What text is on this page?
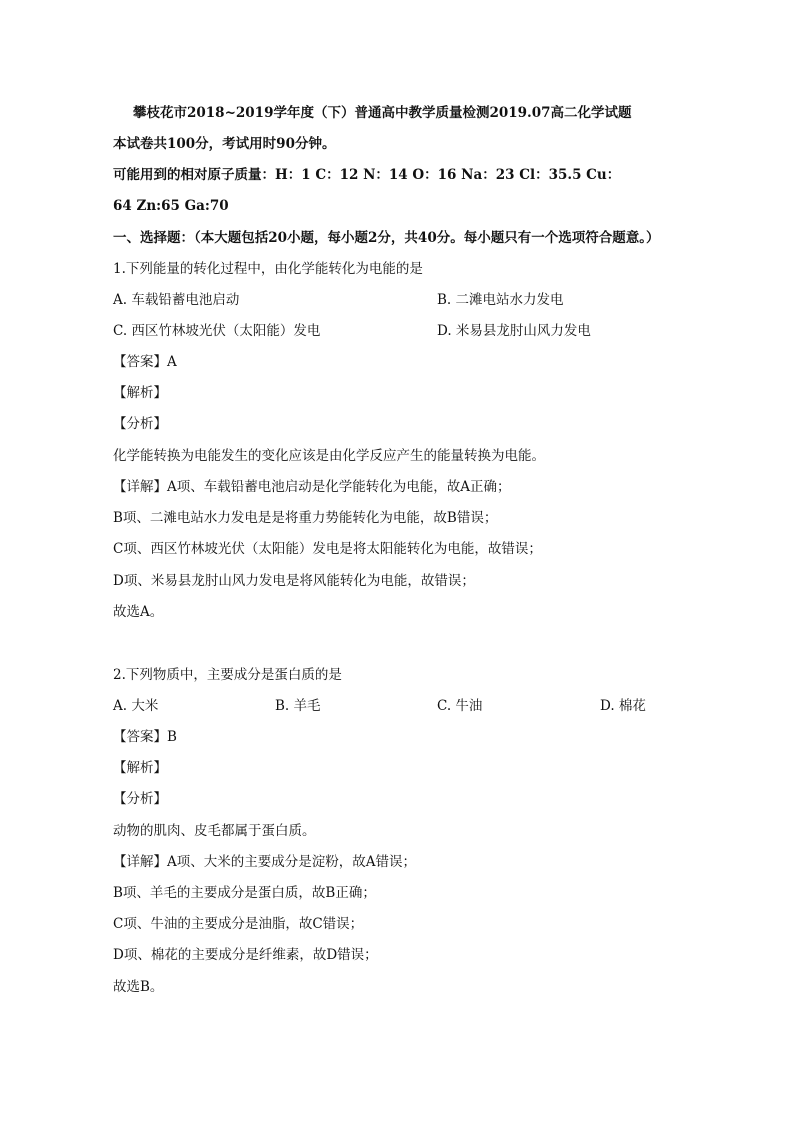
攀枝花市2018~2019学年度（下）普通高中教学质量检测2019.07高二化学试题
本试卷共100分，考试用时90分钟。
可能用到的相对原子质量：H：1 C：12 N：14 O：16 Na：23 Cl：35.5 Cu：
64 Zn:65 Ga:70
一、选择题：（本大题包括20小题，每小题2分，共40分。每小题只有一个选项符合题意。）
1.下列能量的转化过程中，由化学能转化为电能的是
A. 车载铅蓄电池启动	B. 二滩电站水力发电
C. 西区竹林坡光伏（太阳能）发电	D. 米易县龙肘山风力发电
【答案】A
【解析】
【分析】
化学能转换为电能发生的变化应该是由化学反应产生的能量转换为电能。
【详解】A项、车载铅蓄电池启动是化学能转化为电能，故A正确；
B项、二滩电站水力发电是是将重力势能转化为电能，故B错误；
C项、西区竹林坡光伏（太阳能）发电是将太阳能转化为电能，故错误；
D项、米易县龙肘山风力发电是将风能转化为电能，故错误；
故选A。
2.下列物质中，主要成分是蛋白质的是
A. 大米	B. 羊毛	C. 牛油	D. 棉花
【答案】B
【解析】
【分析】
动物的肌肉、皮毛都属于蛋白质。
【详解】A项、大米的主要成分是淀粉，故A错误；
B项、羊毛的主要成分是蛋白质，故B正确；
C项、牛油的主要成分是油脂，故C错误；
D项、棉花的主要成分是纤维素，故D错误；
故选B。
